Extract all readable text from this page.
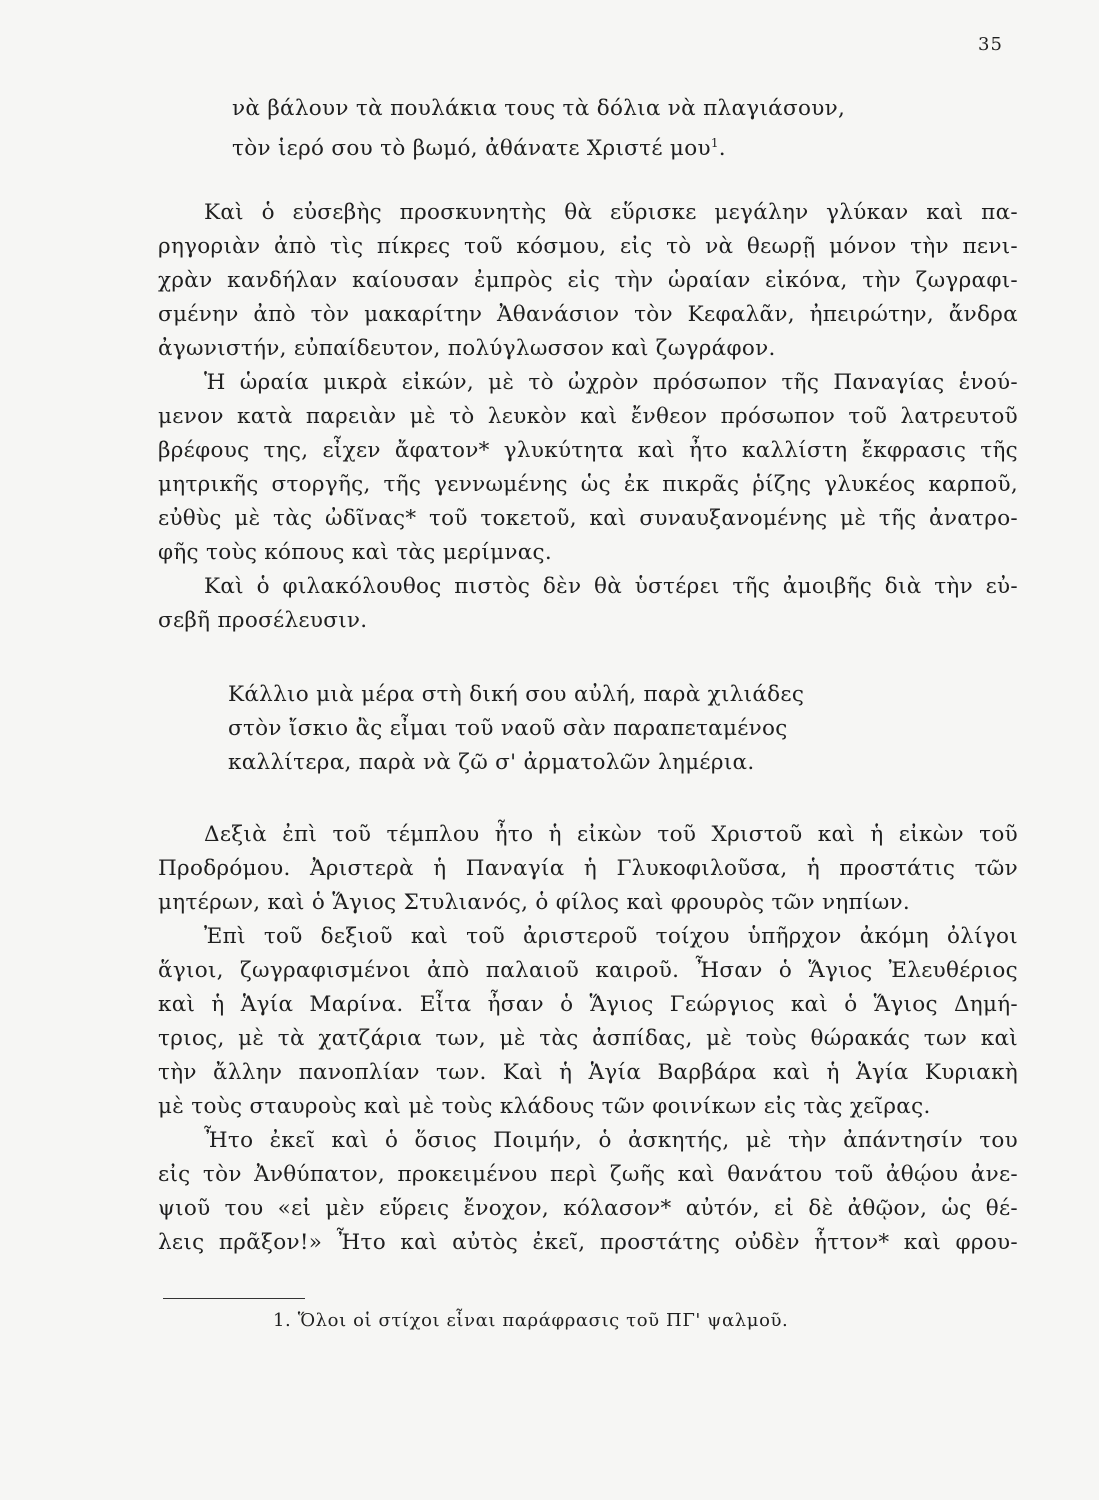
35
νὰ βάλουν τὰ πουλάκια τους τὰ δόλια νὰ πλαγιάσουν,
τὸν ἱερό σου τὸ βωμό, ἀθάνατε Χριστέ μου$^1$.
Καὶ ὁ εὐσεβὴς προσκυνητὴς θὰ εὕρισκε μεγάλην γλύκαν καὶ πα-
ρηγοριὰν ἀπὸ τὶς πίκρες τοῦ κόσμου, εἰς τὸ νὰ θεωρῇ μόνον τὴν πενι-
χρὰν κανδήλαν καίουσαν ἐμπρὸς εἰς τὴν ὡραίαν εἰκόνα, τὴν ζωγραφι-
σμένην ἀπὸ τὸν μακαρίτην Ἀθανάσιον τὸν Κεφαλᾶν, ἠπειρώτην, ἄνδρα
ἀγωνιστήν, εὐπαίδευτον, πολύγλωσσον καὶ ζωγράφον.
Ἡ ὡραία μικρὰ εἰκών, μὲ τὸ ὠχρὸν πρόσωπον τῆς Παναγίας ἑνού-
μενον κατὰ παρειὰν μὲ τὸ λευκὸν καὶ ἔνθεον πρόσωπον τοῦ λατρευτοῦ
βρέφους της, εἶχεν ἄφατον* γλυκύτητα καὶ ἦτο καλλίστη ἔκφρασις τῆς
μητρικῆς στοργῆς, τῆς γεννωμένης ὡς ἐκ πικρᾶς ῥίζης γλυκέος καρποῦ,
εὐθὺς μὲ τὰς ὠδῖνας* τοῦ τοκετοῦ, καὶ συναυξανομένης μὲ τῆς ἀνατρο-
φῆς τοὺς κόπους καὶ τὰς μερίμνας.
Καὶ ὁ φιλακόλουθος πιστὸς δὲν θὰ ὑστέρει τῆς ἀμοιβῆς διὰ τὴν εὐ-
σεβῆ προσέλευσιν.
Κάλλιο μιὰ μέρα στὴ δική σου αὐλή, παρὰ χιλιάδες
στὸν ἴσκιο ἂς εἶμαι τοῦ ναοῦ σὰν παραπεταμένος
καλλίτερα, παρὰ νὰ ζῶ σ' ἀρματολῶν λημέρια.
Δεξιὰ ἐπὶ τοῦ τέμπλου ἦτο ἡ εἰκὼν τοῦ Χριστοῦ καὶ ἡ εἰκὼν τοῦ
Προδρόμου. Ἀριστερὰ ἡ Παναγία ἡ Γλυκοφιλοῦσα, ἡ προστάτις τῶν
μητέρων, καὶ ὁ Ἅγιος Στυλιανός, ὁ φίλος καὶ φρουρὸς τῶν νηπίων.
Ἐπὶ τοῦ δεξιοῦ καὶ τοῦ ἀριστεροῦ τοίχου ὑπῆρχον ἀκόμη ὀλίγοι
ἅγιοι, ζωγραφισμένοι ἀπὸ παλαιοῦ καιροῦ. Ἦσαν ὁ Ἅγιος Ἐλευθέριος
καὶ ἡ Ἁγία Μαρίνα. Εἶτα ἦσαν ὁ Ἅγιος Γεώργιος καὶ ὁ Ἅγιος Δημή-
τριος, μὲ τὰ χατζάρια των, μὲ τὰς ἀσπίδας, μὲ τοὺς θώρακάς των καὶ
τὴν ἄλλην πανοπλίαν των. Καὶ ἡ Ἁγία Βαρβάρα καὶ ἡ Ἁγία Κυριακὴ
μὲ τοὺς σταυροὺς καὶ μὲ τοὺς κλάδους τῶν φοινίκων εἰς τὰς χεῖρας.
Ἦτο ἐκεῖ καὶ ὁ ὅσιος Ποιμήν, ὁ ἀσκητής, μὲ τὴν ἀπάντησίν του
εἰς τὸν Ἀνθύπατον, προκειμένου περὶ ζωῆς καὶ θανάτου τοῦ ἀθῴου ἀνε-
ψιοῦ του «εἰ μὲν εὕρεις ἔνοχον, κόλασον* αὐτόν, εἰ δὲ ἀθῷον, ὡς θέ-
λεις πρᾶξον!» Ἦτο καὶ αὐτὸς ἐκεῖ, προστάτης οὐδὲν ἧττον* καὶ φρου-
1. Ὅλοι οἱ στίχοι εἶναι παράφρασις τοῦ ΠΓ' ψαλμοῦ.
